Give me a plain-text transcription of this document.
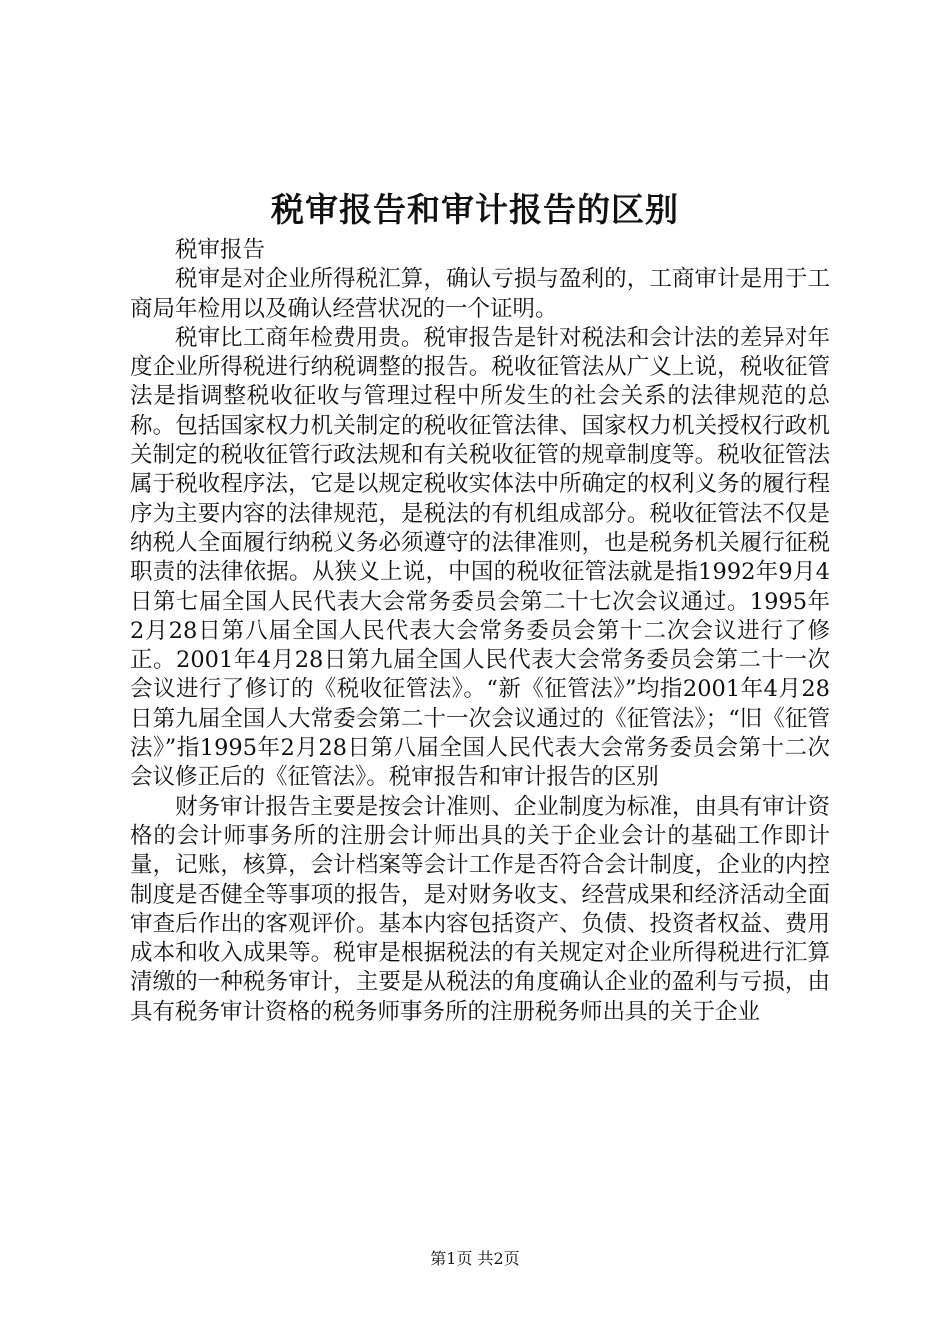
税审报告和审计报告的区别

税审报告

税审是对企业所得税汇算，确认亏损与盈利的，工商审计是用于工商局年检用以及确认经营状况的一个证明。

税审比工商年检费用贵。税审报告是针对税法和会计法的差异对年度企业所得税进行纳税调整的报告。税收征管法从广义上说，税收征管法是指调整税收征收与管理过程中所发生的社会关系的法律规范的总称。包括国家权力机关制定的税收征管法律、国家权力机关授权行政机关制定的税收征管行政法规和有关税收征管的规章制度等。税收征管法属于税收程序法，它是以规定税收实体法中所确定的权利义务的履行程序为主要内容的法律规范，是税法的有机组成部分。税收征管法不仅是纳税人全面履行纳税义务必须遵守的法律准则，也是税务机关履行征税职责的法律依据。从狭义上说，中国的税收征管法就是指1992年9月4日第七届全国人民代表大会常务委员会第二十七次会议通过。1995年2月28日第八届全国人民代表大会常务委员会第十二次会议进行了修正。2001年4月28日第九届全国人民代表大会常务委员会第二十一次会议进行了修订的《税收征管法》。“新《征管法》”均指2001年4月28日第九届全国人大常委会第二十一次会议通过的《征管法》；“旧《征管法》”指1995年2月28日第八届全国人民代表大会常务委员会第十二次会议修正后的《征管法》。税审报告和审计报告的区别

财务审计报告主要是按会计准则、企业制度为标准，由具有审计资格的会计师事务所的注册会计师出具的关于企业会计的基础工作即计量，记账，核算，会计档案等会计工作是否符合会计制度，企业的内控制度是否健全等事项的报告，是对财务收支、经营成果和经济活动全面审查后作出的客观评价。基本内容包括资产、负债、投资者权益、费用成本和收入成果等。税审是根据税法的有关规定对企业所得税进行汇算清缴的一种税务审计，主要是从税法的角度确认企业的盈利与亏损，由具有税务审计资格的税务师事务所的注册税务师出具的关于企业

第1页 共2页
